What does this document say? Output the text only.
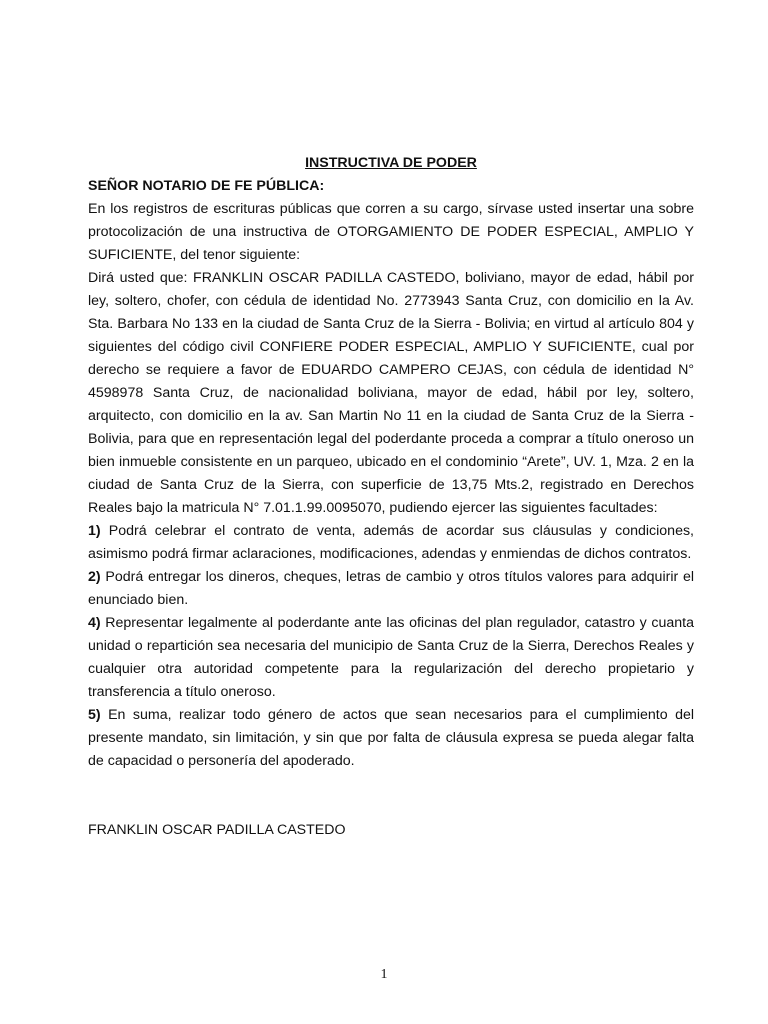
INSTRUCTIVA DE PODER

SEÑOR NOTARIO DE FE PÚBLICA:

En los registros de escrituras públicas que corren a su cargo, sírvase usted insertar una sobre protocolización de una instructiva de OTORGAMIENTO DE PODER ESPECIAL, AMPLIO Y SUFICIENTE, del tenor siguiente:

Dirá usted que: FRANKLIN OSCAR PADILLA CASTEDO, boliviano, mayor de edad, hábil por ley, soltero, chofer, con cédula de identidad No. 2773943 Santa Cruz, con domicilio en la Av. Sta. Barbara No 133 en la ciudad de Santa Cruz de la Sierra - Bolivia; en virtud al artículo 804 y siguientes del código civil CONFIERE PODER ESPECIAL, AMPLIO Y SUFICIENTE, cual por derecho se requiere a favor de EDUARDO CAMPERO CEJAS, con cédula de identidad N° 4598978 Santa Cruz, de nacionalidad boliviana, mayor de edad, hábil por ley, soltero, arquitecto, con domicilio en la av. San Martin No 11 en la ciudad de Santa Cruz de la Sierra - Bolivia, para que en representación legal del poderdante proceda a comprar a título oneroso un bien inmueble consistente en un parqueo, ubicado en el condominio “Arete”, UV. 1, Mza. 2 en la ciudad de Santa Cruz de la Sierra, con superficie de 13,75 Mts.2, registrado en Derechos Reales bajo la matricula N° 7.01.1.99.0095070, pudiendo ejercer las siguientes facultades:

1) Podrá celebrar el contrato de venta, además de acordar sus cláusulas y condiciones, asimismo podrá firmar aclaraciones, modificaciones, adendas y enmiendas de dichos contratos.

2) Podrá entregar los dineros, cheques, letras de cambio y otros títulos valores para adquirir el enunciado bien.

4) Representar legalmente al poderdante ante las oficinas del plan regulador, catastro y cuanta unidad o repartición sea necesaria del municipio de Santa Cruz de la Sierra, Derechos Reales y cualquier otra autoridad competente para la regularización del derecho propietario y transferencia a título oneroso.

5) En suma, realizar todo género de actos que sean necesarios para el cumplimiento del presente mandato, sin limitación, y sin que por falta de cláusula expresa se pueda alegar falta de capacidad o personería del apoderado.

FRANKLIN OSCAR PADILLA CASTEDO
1
